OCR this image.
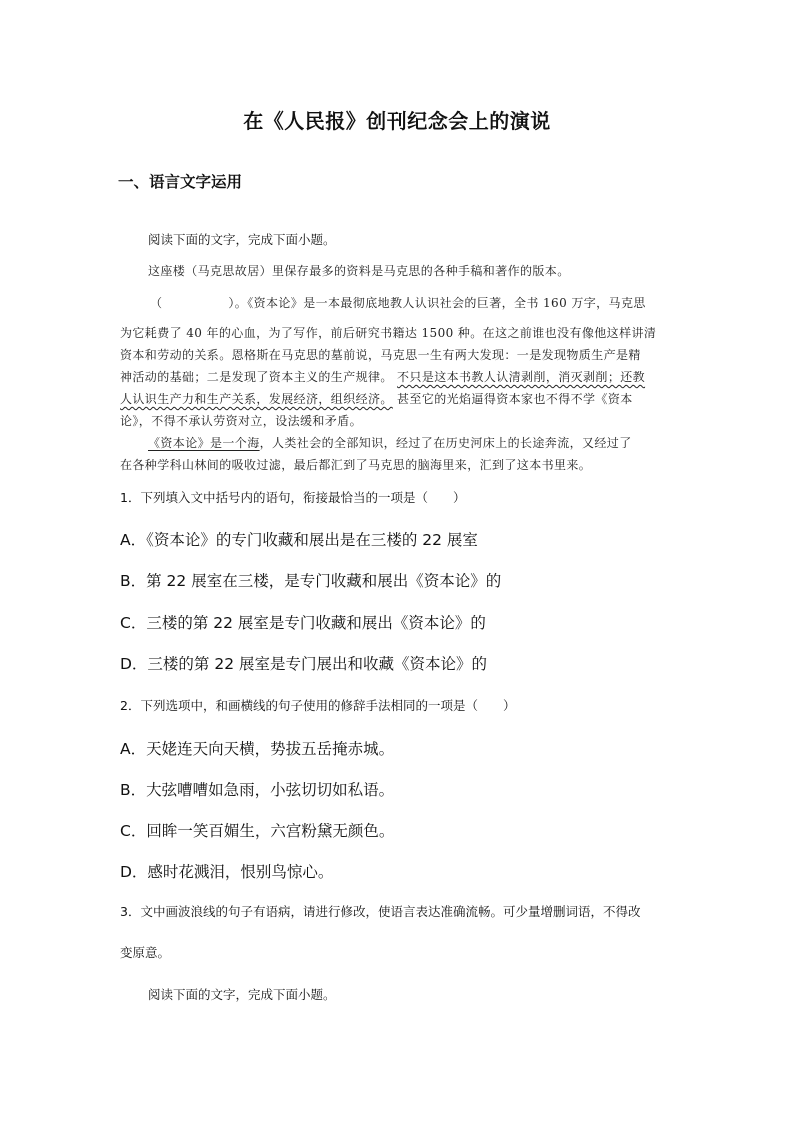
在《人民报》创刊纪念会上的演说
一、语言文字运用
阅读下面的文字，完成下面小题。
这座楼（马克思故居）里保存最多的资料是马克思的各种手稿和著作的版本。
（	）。《资本论》是一本最彻底地教人认识社会的巨著，全书 160 万字，马克思
为它耗费了 40 年的心血，为了写作，前后研究书籍达 1500 种。在这之前谁也没有像他这样讲清
资本和劳动的关系。恩格斯在马克思的墓前说，马克思一生有两大发现：一是发现物质生产是精
神活动的基础；二是发现了资本主义的生产规律。 不只是这本书教人认清剥削，消灭剥削；还教
人认识生产力和生产关系，发展经济，组织经济。 甚至它的光焰逼得资本家也不得不学《资本
论》，不得不承认劳资对立，设法缓和矛盾。
《资本论》是一个海，人类社会的全部知识，经过了在历史河床上的长途奔流，又经过了
在各种学科山林间的吸收过滤，最后都汇到了马克思的脑海里来，汇到了这本书里来。
1．下列填入文中括号内的语句，衔接最恰当的一项是（　　）
A．《资本论》的专门收藏和展出是在三楼的 22 展室
B．第 22 展室在三楼，是专门收藏和展出《资本论》的
C．三楼的第 22 展室是专门收藏和展出《资本论》的
D．三楼的第 22 展室是专门展出和收藏《资本论》的
2．下列选项中，和画横线的句子使用的修辞手法相同的一项是（　　）
A．天姥连天向天横，势拔五岳掩赤城。
B．大弦嘈嘈如急雨，小弦切切如私语。
C．回眸一笑百媚生，六宫粉黛无颜色。
D．感时花溅泪，恨别鸟惊心。
3．文中画波浪线的句子有语病，请进行修改，使语言表达准确流畅。可少量增删词语，不得改
变原意。
阅读下面的文字，完成下面小题。
